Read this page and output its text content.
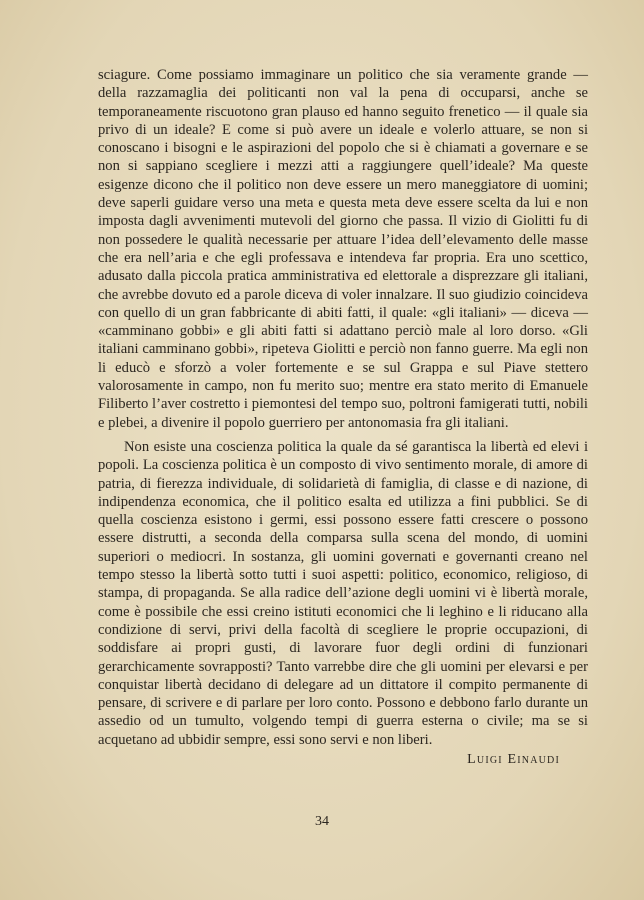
sciagure. Come possiamo immaginare un politico che sia veramente grande — della razzamaglia dei politicanti non val la pena di occuparsi, anche se temporaneamente riscuotono gran plauso ed hanno seguito frenetico — il quale sia privo di un ideale? E come si può avere un ideale e volerlo attuare, se non si conoscano i bisogni e le aspirazioni del popolo che si è chiamati a governare e se non si sappiano scegliere i mezzi atti a raggiungere quell’ideale? Ma queste esigenze dicono che il politico non deve essere un mero maneggiatore di uomini; deve saperli guidare verso una meta e questa meta deve essere scelta da lui e non imposta dagli avvenimenti mutevoli del giorno che passa. Il vizio di Giolitti fu di non possedere le qualità necessarie per attuare l’idea dell’elevamento delle masse che era nell’aria e che egli professava e intendeva far propria. Era uno scettico, adusato dalla piccola pratica amministrativa ed elettorale a disprezzare gli italiani, che avrebbe dovuto ed a parole diceva di voler innalzare. Il suo giudizio coincideva con quello di un gran fabbricante di abiti fatti, il quale: «gli italiani» — diceva — «camminano gobbi» e gli abiti fatti si adattano perciò male al loro dorso. «Gli italiani camminano gobbi», ripeteva Giolitti e perciò non fanno guerre. Ma egli non li educò e sforzò a voler fortemente e se sul Grappa e sul Piave stettero valorosamente in campo, non fu merito suo; mentre era stato merito di Emanuele Filiberto l’aver costretto i piemontesi del tempo suo, poltroni famigerati tutti, nobili e plebei, a divenire il popolo guerriero per antonomasia fra gli italiani.

Non esiste una coscienza politica la quale da sé garantisca la libertà ed elevi i popoli. La coscienza politica è un composto di vivo sentimento morale, di amore di patria, di fierezza individuale, di solidarietà di famiglia, di classe e di nazione, di indipendenza economica, che il politico esalta ed utilizza a fini pubblici. Se di quella coscienza esistono i germi, essi possono essere fatti crescere o possono essere distrutti, a seconda della comparsa sulla scena del mondo, di uomini superiori o mediocri. In sostanza, gli uomini governati e governanti creano nel tempo stesso la libertà sotto tutti i suoi aspetti: politico, economico, religioso, di stampa, di propaganda. Se alla radice dell’azione degli uomini vi è libertà morale, come è possibile che essi creino istituti economici che li leghino e li riducano alla condizione di servi, privi della facoltà di scegliere le proprie occupazioni, di soddisfare ai propri gusti, di lavorare fuor degli ordini di funzionari gerarchicamente sovrapposti? Tanto varrebbe dire che gli uomini per elevarsi e per conquistar libertà decidano di delegare ad un dittatore il compito permanente di pensare, di scrivere e di parlare per loro conto. Possono e debbono farlo durante un assedio od un tumulto, volgendo tempi di guerra esterna o civile; ma se si acquetano ad ubbidir sempre, essi sono servi e non liberi.

Luigi Einaudi
34
